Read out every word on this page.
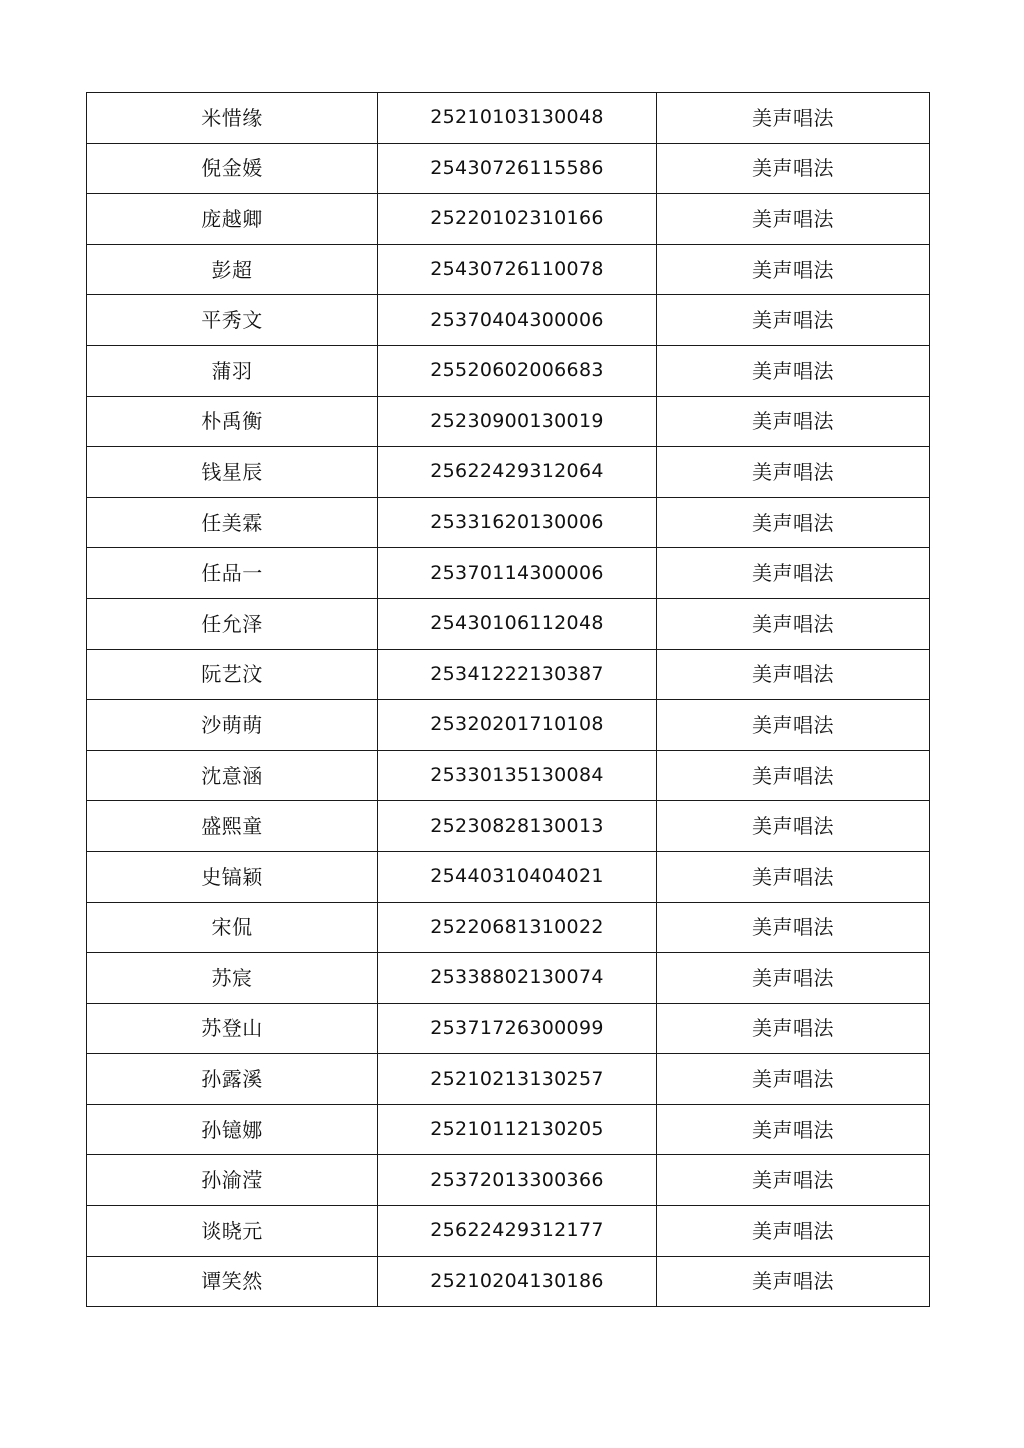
米惜缘	25210103130048	美声唱法
倪金媛	25430726115586	美声唱法
庞越卿	25220102310166	美声唱法
彭超	25430726110078	美声唱法
平秀文	25370404300006	美声唱法
蒲羽	25520602006683	美声唱法
朴禹衡	25230900130019	美声唱法
钱星辰	25622429312064	美声唱法
任美霖	25331620130006	美声唱法
任品一	25370114300006	美声唱法
任允泽	25430106112048	美声唱法
阮艺汶	25341222130387	美声唱法
沙萌萌	25320201710108	美声唱法
沈意涵	25330135130084	美声唱法
盛熙童	25230828130013	美声唱法
史镐颖	25440310404021	美声唱法
宋侃	25220681310022	美声唱法
苏宸	25338802130074	美声唱法
苏登山	25371726300099	美声唱法
孙露溪	25210213130257	美声唱法
孙镱娜	25210112130205	美声唱法
孙渝滢	25372013300366	美声唱法
谈晓元	25622429312177	美声唱法
谭笑然	25210204130186	美声唱法
